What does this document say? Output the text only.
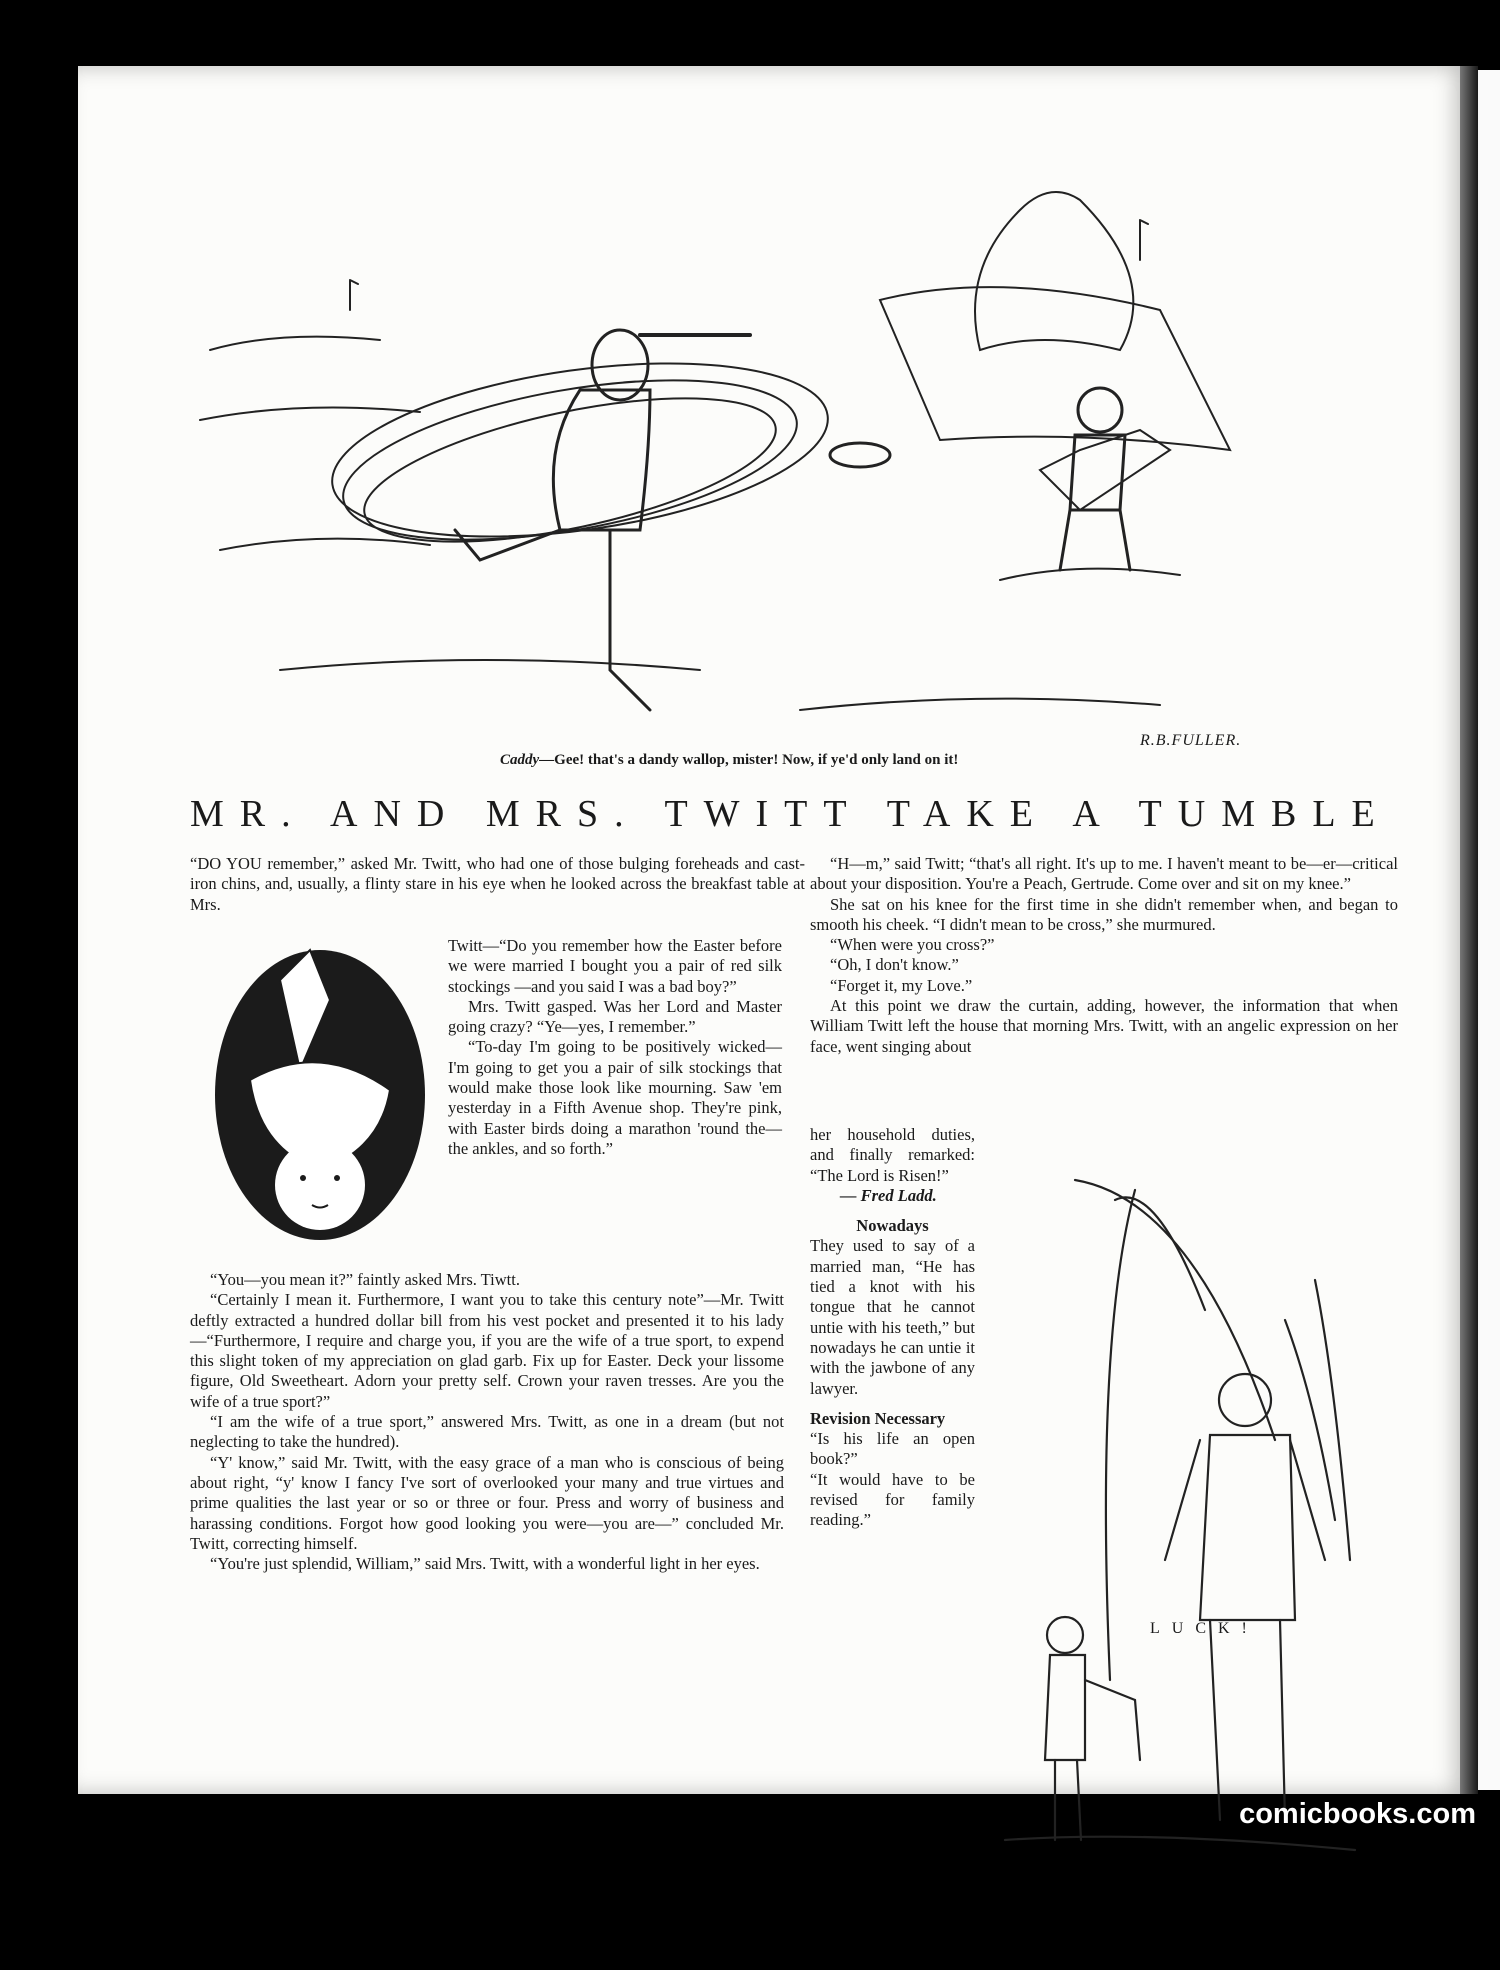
Caddy—Gee! that's a dandy wallop, mister! Now, if ye'd only land on it!
R.B.FULLER.
MR. AND MRS. TWITT TAKE A TUMBLE

“DO YOU remember,” asked Mr. Twitt, who had one of those bulging foreheads and cast-iron chins, and, usually, a flinty stare in his eye when he looked across the breakfast table at Mrs.

Twitt—“Do you remember how the Easter before we were married I bought you a pair of red silk stockings —and you said I was a bad boy?”

Mrs. Twitt gasped. Was her Lord and Master going crazy? “Ye—yes, I remember.”

“To-day I'm going to be positively wicked—I'm going to get you a pair of silk stockings that would make those look like mourning. Saw 'em yesterday in a Fifth Avenue shop. They're pink, with Easter birds doing a marathon 'round the—the ankles, and so forth.”

“You—you mean it?” faintly asked Mrs. Tiwtt.

“Certainly I mean it. Furthermore, I want you to take this century note”—Mr. Twitt deftly extracted a hundred dollar bill from his vest pocket and presented it to his lady—“Furthermore, I require and charge you, if you are the wife of a true sport, to expend this slight token of my appreciation on glad garb. Fix up for Easter. Deck your lissome figure, Old Sweetheart. Adorn your pretty self. Crown your raven tresses. Are you the wife of a true sport?”

“I am the wife of a true sport,” answered Mrs. Twitt, as one in a dream (but not neglecting to take the hundred).

“Y' know,” said Mr. Twitt, with the easy grace of a man who is conscious of being about right, “y' know I fancy I've sort of overlooked your many and true virtues and prime qualities the last year or so or three or four. Press and worry of business and harassing conditions. Forgot how good looking you were—you are—” concluded Mr. Twitt, correcting himself.

“You're just splendid, William,” said Mrs. Twitt, with a wonderful light in her eyes.

“H—m,” said Twitt; “that's all right. It's up to me. I haven't meant to be—er—critical about your disposition. You're a Peach, Gertrude. Come over and sit on my knee.”

She sat on his knee for the first time in she didn't remember when, and began to smooth his cheek. “I didn't mean to be cross,” she murmured.

“When were you cross?”

“Oh, I don't know.”

“Forget it, my Love.”

At this point we draw the curtain, adding, however, the information that when William Twitt left the house that morning Mrs. Twitt, with an angelic expression on her face, went singing about

her household duties, and finally remarked: “The Lord is Risen!”

— Fred Ladd.

Nowadays

They used to say of a married man, “He has tied a knot with his tongue that he cannot untie with his teeth,” but nowadays he can untie it with the jawbone of any lawyer.

Revision Necessary

“Is his life an open book?”

“It would have to be revised for family reading.”

LUCK!
comicbooks.com
